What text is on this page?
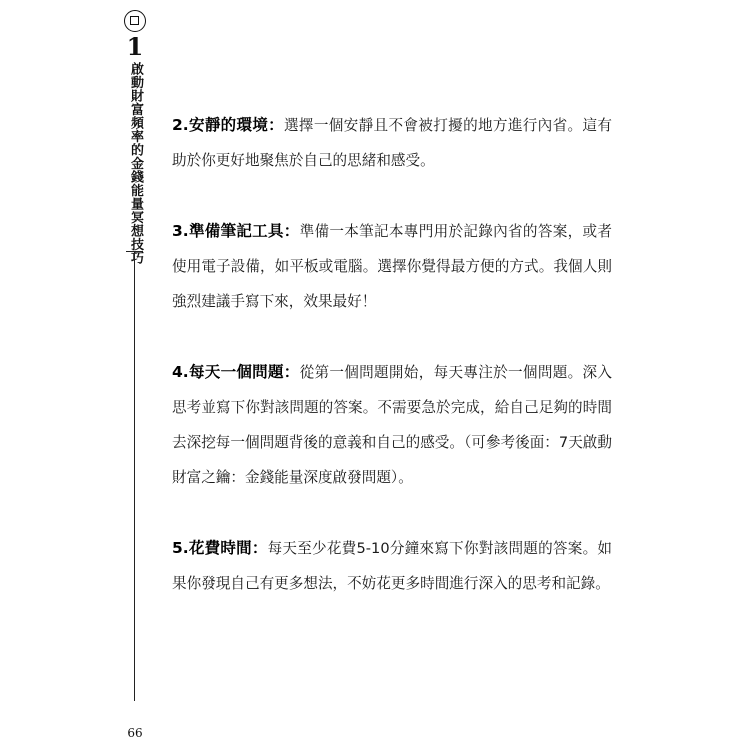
1
啟動財富頻率的金錢能量冥想技巧
66

2.安靜的環境：選擇一個安靜且不會被打擾的地方進行內省。這有助於你更好地聚焦於自己的思緒和感受。

3.準備筆記工具：準備一本筆記本專門用於記錄內省的答案，或者使用電子設備，如平板或電腦。選擇你覺得最方便的方式。我個人則強烈建議手寫下來，效果最好！

4.每天一個問題：從第一個問題開始，每天專注於一個問題。深入思考並寫下你對該問題的答案。不需要急於完成，給自己足夠的時間去深挖每一個問題背後的意義和自己的感受。（可參考後面：7天啟動財富之鑰：金錢能量深度啟發問題）。

5.花費時間：每天至少花費5-10分鐘來寫下你對該問題的答案。如果你發現自己有更多想法，不妨花更多時間進行深入的思考和記錄。
